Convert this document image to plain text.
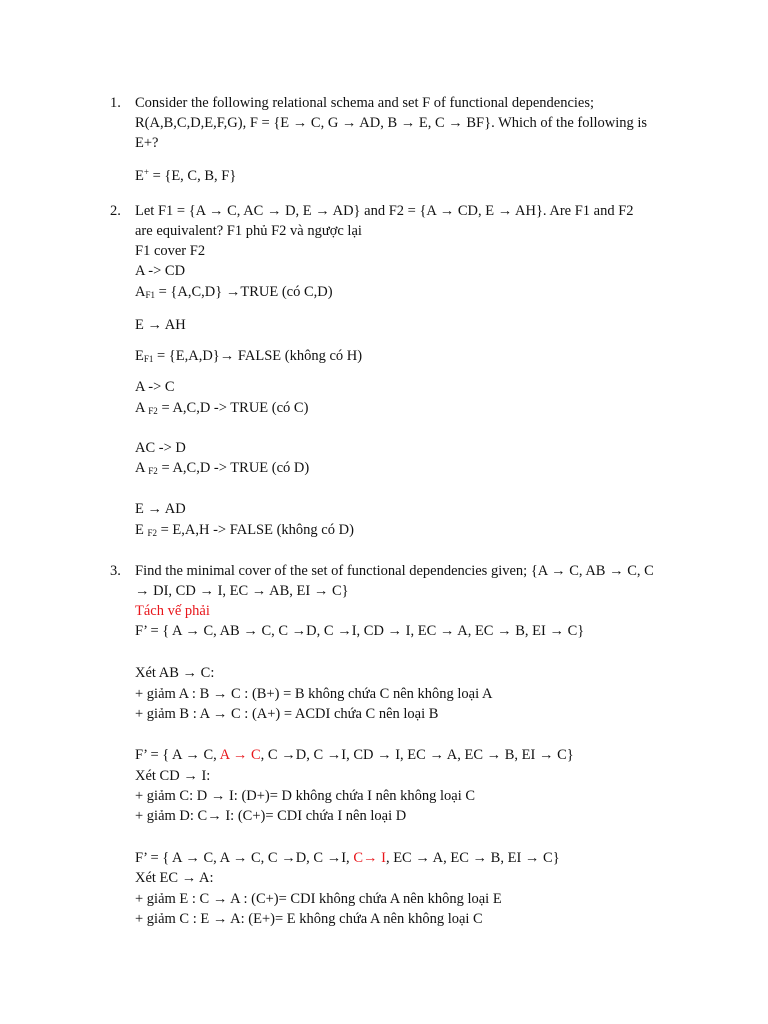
1. Consider the following relational schema and set F of functional dependencies;
R(A,B,C,D,E,F,G), F = {E → C, G → AD, B → E, C → BF}. Which of the following is
E+?
E+ = {E, C, B, F}
2. Let F1 = {A → C, AC → D, E → AD} and F2 = {A → CD, E → AH}. Are F1 and F2
are equivalent? F1 phủ F2 và ngược lại
F1 cover F2
A -> CD
$A_{F1} = \{A,C,D\}$ →TRUE (có C,D)
E → AH
$E_{F1} = \{E,A,D\}\to$ FALSE (không có H)
A -> C
A $_{F2}$ = A,C,D -> TRUE (có C)
AC -> D
A $_{F2}$ = A,C,D -> TRUE (có D)
E → AD
E $_{F2}$ = E,A,H -> FALSE (không có D)
3. Find the minimal cover of the set of functional dependencies given; {A → C, AB → C, C
→ DI, CD → I, EC → AB, EI → C}
Tách vế phải
F’ = { A → C, AB → C, C →D, C →I, CD → I, EC → A, EC → B, EI → C}
Xét AB → C:
+ giảm A : B → C : (B+) = B không chứa C nên không loại A
+ giảm B : A → C : (A+) = ACDI chứa C nên loại B
F’ = { A → C, A → C, C →D, C →I, CD → I, EC → A, EC → B, EI → C}
Xét CD → I:
+ giảm C: D → I: (D+)= D không chứa I nên không loại C
+ giảm D: C→ I: (C+)= CDI chứa I nên loại D
F’ = { A → C, A → C, C →D, C →I, C→ I, EC → A, EC → B, EI → C}
Xét EC → A:
+ giảm E : C → A : (C+)= CDI không chứa A nên không loại E
+ giảm C : E → A: (E+)= E không chứa A nên không loại C
